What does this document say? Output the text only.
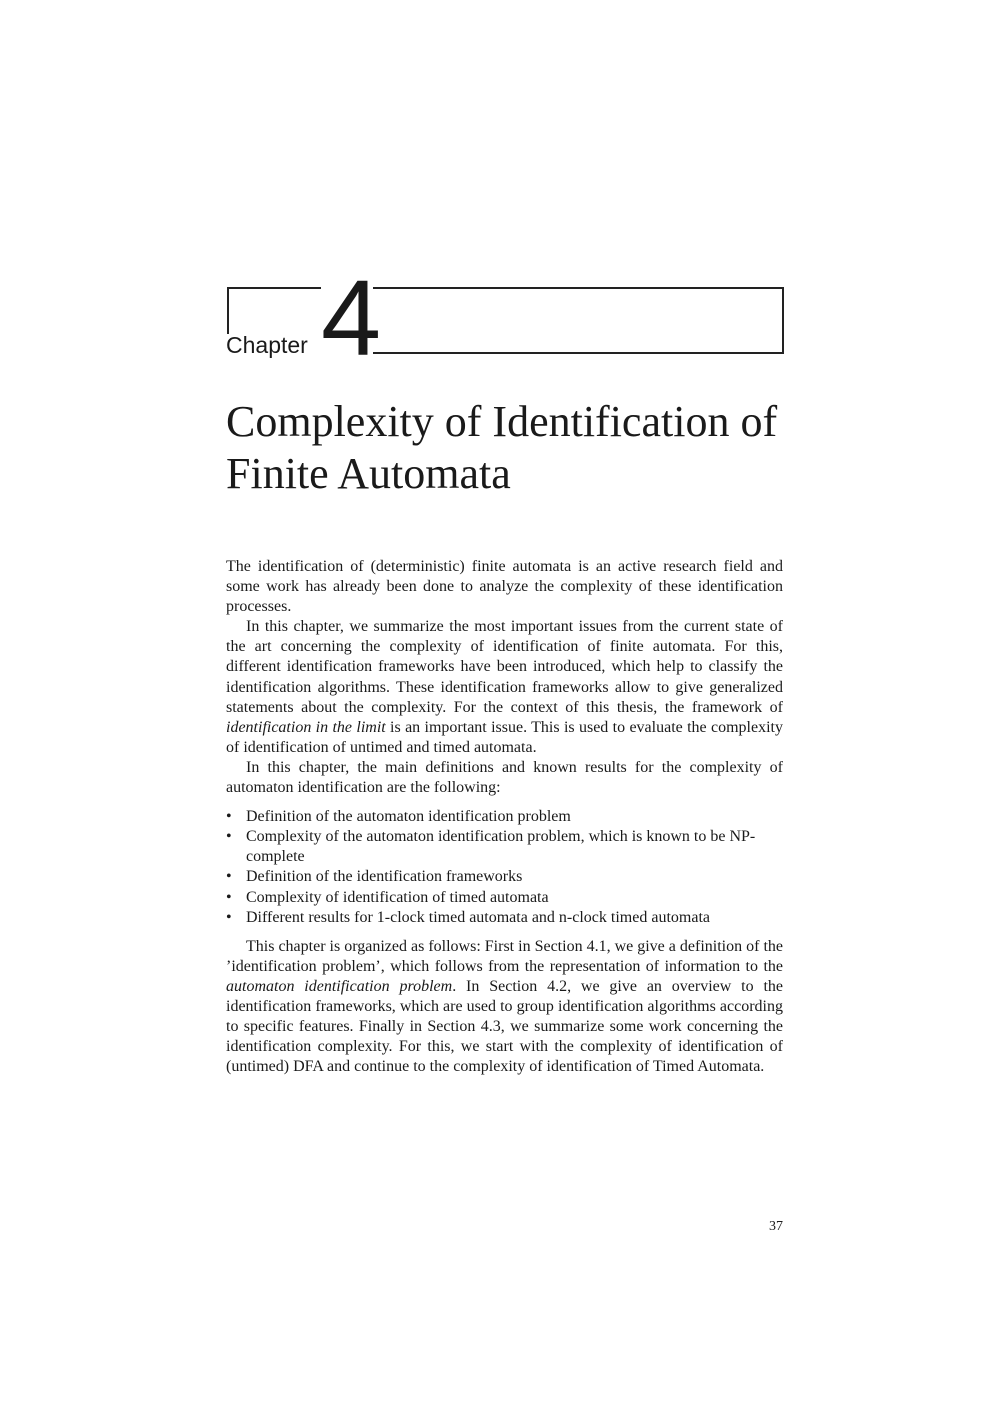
Chapter 4
Complexity of Identification of
Finite Automata

The identification of (deterministic) finite automata is an active research field and some work has already been done to analyze the complexity of these identification processes.

In this chapter, we summarize the most important issues from the current state of the art concerning the complexity of identification of finite automata. For this, different identification frameworks have been introduced, which help to classify the identification algorithms. These identification frameworks allow to give generalized statements about the complexity. For the context of this thesis, the framework of identification in the limit is an important issue. This is used to evaluate the complexity of identification of untimed and timed automata.

In this chapter, the main definitions and known results for the complexity of automaton identification are the following:

• Definition of the automaton identification problem
• Complexity of the automaton identification problem, which is known to be NP-complete
• Definition of the identification frameworks
• Complexity of identification of timed automata
• Different results for 1-clock timed automata and n-clock timed automata

This chapter is organized as follows: First in Section 4.1, we give a definition of the ’identification problem’, which follows from the representation of information to the automaton identification problem. In Section 4.2, we give an overview to the identification frameworks, which are used to group identification algorithms according to specific features. Finally in Section 4.3, we summarize some work concerning the identification complexity. For this, we start with the complexity of identification of (untimed) DFA and continue to the complexity of identification of Timed Automata.

37
